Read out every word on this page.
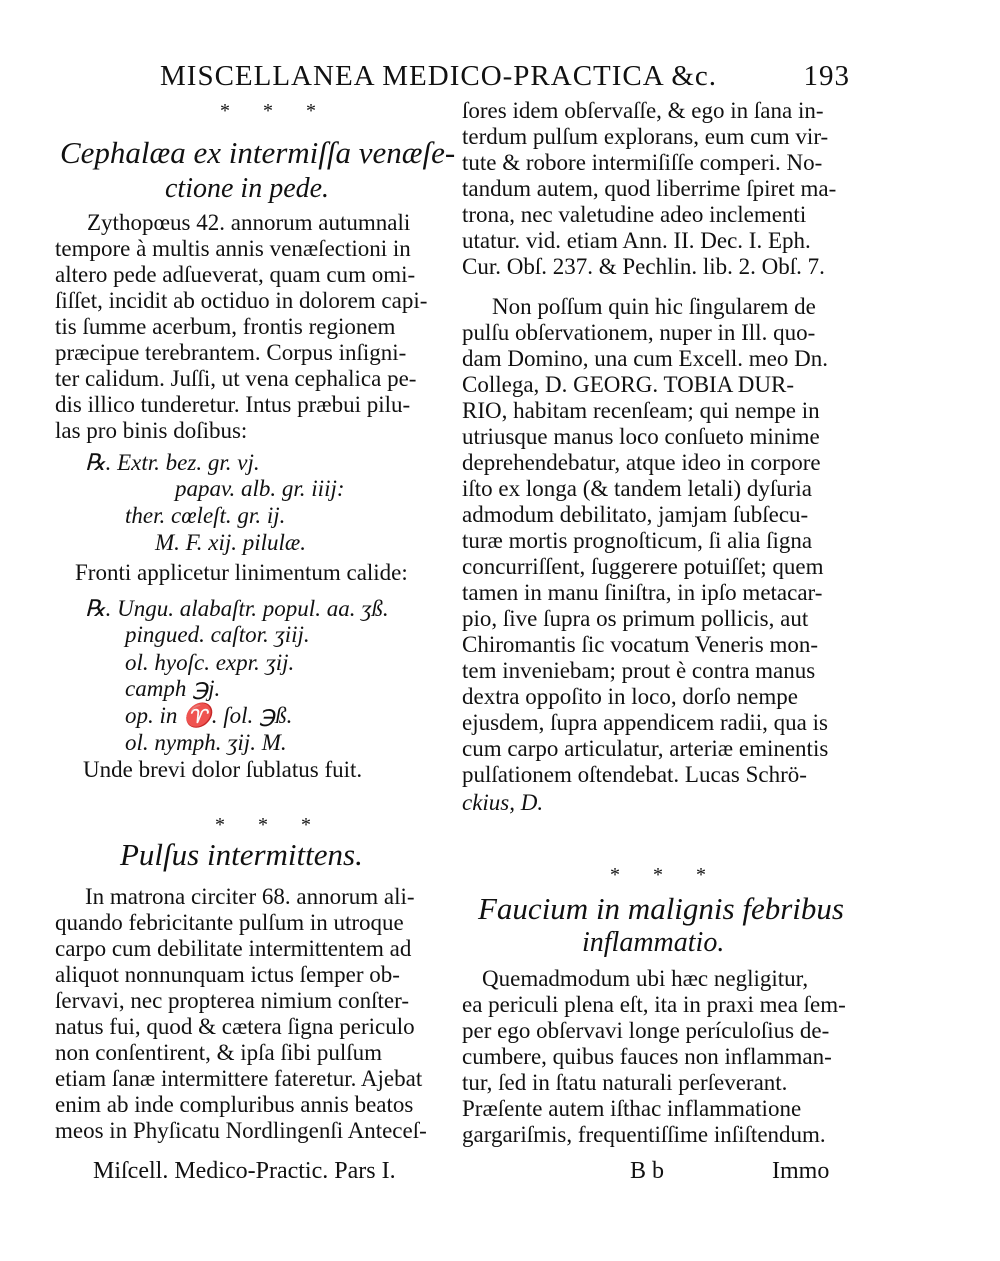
MISCELLANEA MEDICO-PRACTICA &c.	193
* * *
Cephalæa ex intermiſſa venæſe-
ctione in pede.
Zythopœus 42. annorum autumnali
tempore à multis annis venæſectioni in
altero pede adſueverat, quam cum omi-
ſiſſet, incidit ab octiduo in dolorem capi-
tis ſumme acerbum, frontis regionem
præcipue terebrantem. Corpus inſigni-
ter calidum. Juſſi, ut vena cephalica pe-
dis illico tunderetur. Intus præbui pilu-
las pro binis doſibus:
℞. Extr. bez. gr. vj.
papav. alb. gr. iiij:
ther. cœleſt. gr. ij.
M. F. xij. pilulæ.
Fronti applicetur linimentum calide:
℞. Ungu. alabaſtr. popul. aa. ʒß.
pingued. caſtor. ʒiij.
ol. hyoſc. expr. ʒij.
camph ℈j.
op. in ♈. ſol. ℈ß.
ol. nymph. ʒij. M.
Unde brevi dolor ſublatus fuit.
* * *
Pulſus intermittens.
In matrona circiter 68. annorum ali-
quando febricitante pulſum in utroque
carpo cum debilitate intermittentem ad
aliquot nonnunquam ictus ſemper ob-
ſervavi, nec propterea nimium conſter-
natus fui, quod & cætera ſigna periculo
non conſentirent, & ipſa ſibi pulſum
etiam ſanæ intermittere fateretur. Ajebat
enim ab inde compluribus annis beatos
meos in Phyſicatu Nordlingenſi Anteceſ-
Miſcell. Medico-Practic. Pars I.
ſores idem obſervaſſe, & ego in ſana in-
terdum pulſum explorans, eum cum vir-
tute & robore intermiſiſſe comperi. No-
tandum autem, quod liberrime ſpiret ma-
trona, nec valetudine adeo inclementi
utatur. vid. etiam Ann. II. Dec. I. Eph.
Cur. Obſ. 237. & Pechlin. lib. 2. Obſ. 7.
Non poſſum quin hic ſingularem de
pulſu obſervationem, nuper in Ill. quo-
dam Domino, una cum Excell. meo Dn.
Collega, D. GEORG. TOBIA DUR-
RIO, habitam recenſeam; qui nempe in
utriusque manus loco conſueto minime
deprehendebatur, atque ideo in corpore
iſto ex longa (& tandem letali) dyſuria
admodum debilitato, jamjam ſubſecu-
turæ mortis prognoſticum, ſi alia ſigna
concurriſſent, ſuggerere potuiſſet; quem
tamen in manu ſiniſtra, in ipſo metacar-
pio, ſive ſupra os primum pollicis, aut
Chiromantis ſic vocatum Veneris mon-
tem inveniebam; prout è contra manus
dextra oppoſito in loco, dorſo nempe
ejusdem, ſupra appendicem radii, qua is
cum carpo articulatur, arteriæ eminentis
pulſationem oſtendebat. Lucas Schrö-
ckius, D.
* * *
Faucium in malignis febribus
inflammatio.
Quemadmodum ubi hæc negligitur,
ea periculi plena eſt, ita in praxi mea ſem-
per ego obſervavi longe perículoſius de-
cumbere, quibus fauces non inflamman-
tur, ſed in ſtatu naturali perſeverant.
Præſente autem iſthac inflammatione
gargariſmis, frequentiſſime inſiſtendum.
B b	Immo
